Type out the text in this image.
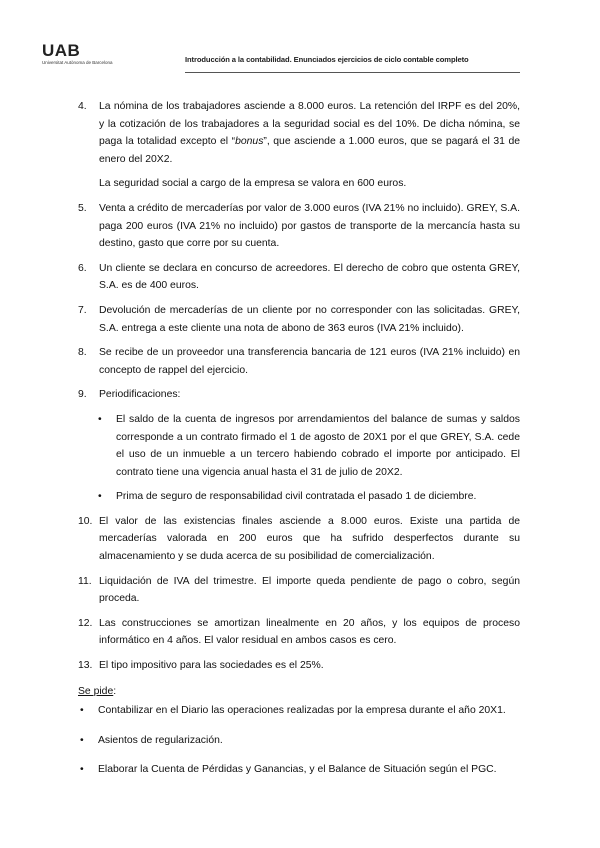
UAB
Universitat Autònoma de Barcelona	Introducción a la contabilidad. Enunciados ejercicios de ciclo contable completo
4. La nómina de los trabajadores asciende a 8.000 euros. La retención del IRPF es del 20%, y la cotización de los trabajadores a la seguridad social es del 10%. De dicha nómina, se paga la totalidad excepto el “bonus”, que asciende a 1.000 euros, que se pagará el 31 de enero del 20X2.
La seguridad social a cargo de la empresa se valora en 600 euros.
5. Venta a crédito de mercaderías por valor de 3.000 euros (IVA 21% no incluido). GREY, S.A. paga 200 euros (IVA 21% no incluido) por gastos de transporte de la mercancía hasta su destino, gasto que corre por su cuenta.
6. Un cliente se declara en concurso de acreedores. El derecho de cobro que ostenta GREY, S.A. es de 400 euros.
7. Devolución de mercaderías de un cliente por no corresponder con las solicitadas. GREY, S.A. entrega a este cliente una nota de abono de 363 euros (IVA 21% incluido).
8. Se recibe de un proveedor una transferencia bancaria de 121 euros (IVA 21% incluido) en concepto de rappel del ejercicio.
9. Periodificaciones:
• El saldo de la cuenta de ingresos por arrendamientos del balance de sumas y saldos corresponde a un contrato firmado el 1 de agosto de 20X1 por el que GREY, S.A. cede el uso de un inmueble a un tercero habiendo cobrado el importe por anticipado. El contrato tiene una vigencia anual hasta el 31 de julio de 20X2.
• Prima de seguro de responsabilidad civil contratada el pasado 1 de diciembre.
10. El valor de las existencias finales asciende a 8.000 euros. Existe una partida de mercaderías valorada en 200 euros que ha sufrido desperfectos durante su almacenamiento y se duda acerca de su posibilidad de comercialización.
11. Liquidación de IVA del trimestre. El importe queda pendiente de pago o cobro, según proceda.
12. Las construcciones se amortizan linealmente en 20 años, y los equipos de proceso informático en 4 años. El valor residual en ambos casos es cero.
13. El tipo impositivo para las sociedades es el 25%.
Se pide:
• Contabilizar en el Diario las operaciones realizadas por la empresa durante el año 20X1.
• Asientos de regularización.
• Elaborar la Cuenta de Pérdidas y Ganancias, y el Balance de Situación según el PGC.
